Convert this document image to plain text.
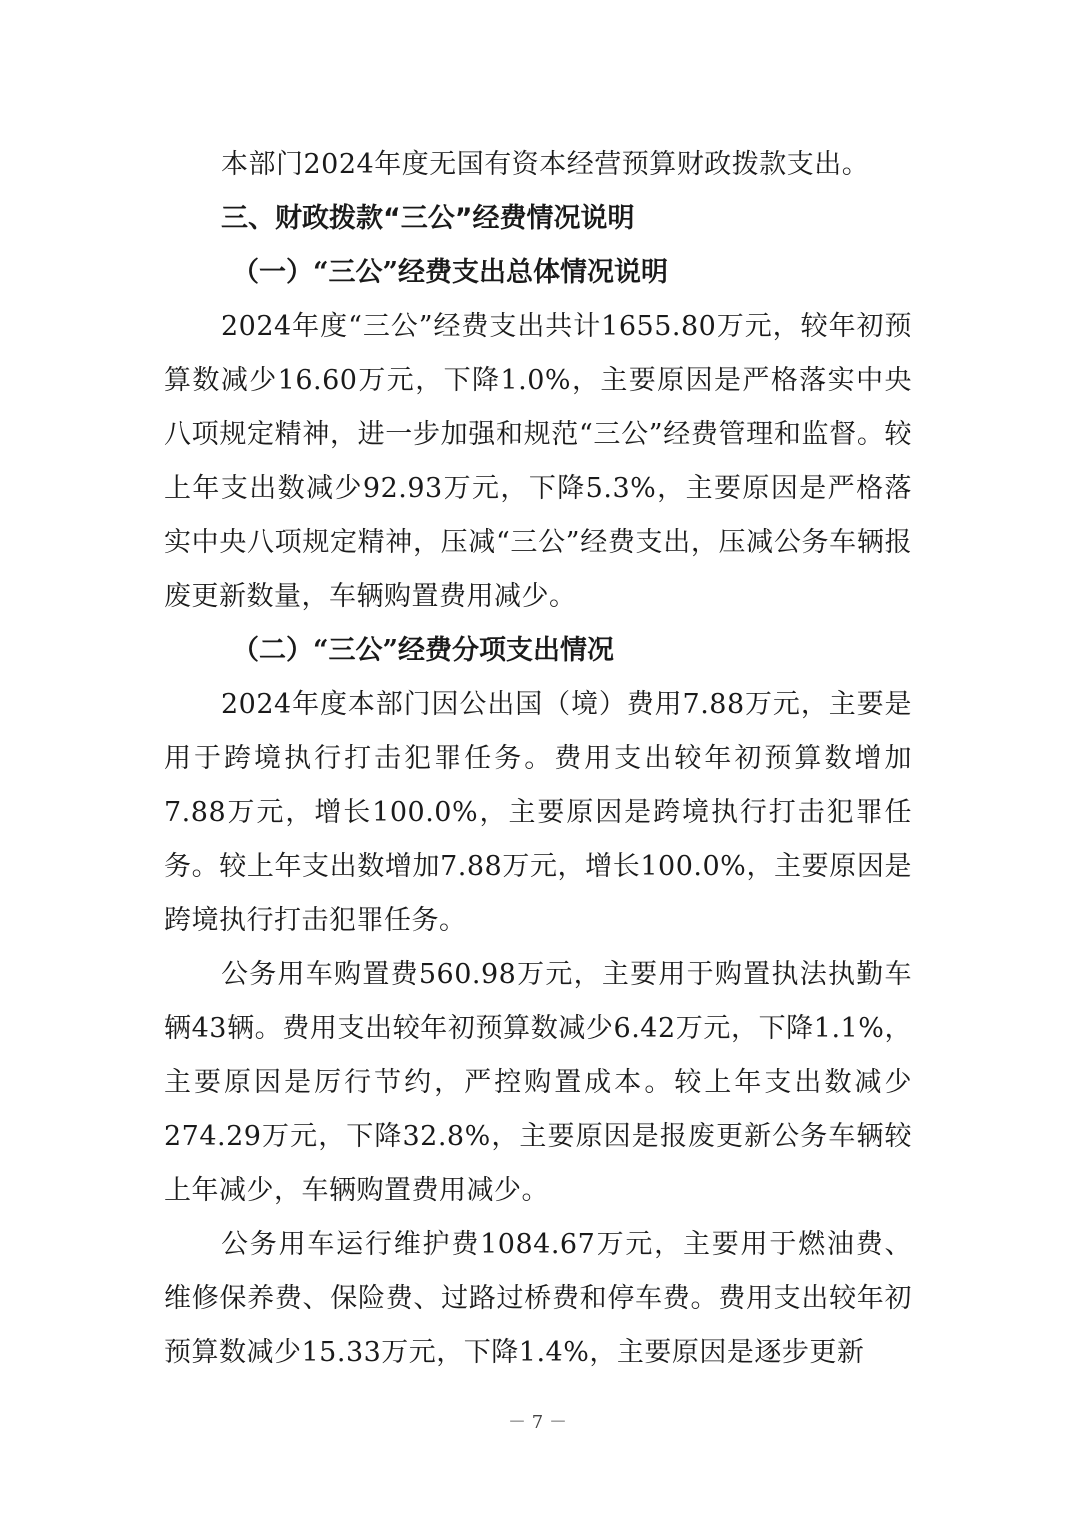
本部门2024年度无国有资本经营预算财政拨款支出。

三、财政拨款“三公”经费情况说明

（一）“三公”经费支出总体情况说明

2024年度“三公”经费支出共计1655.80万元，较年初预算数减少16.60万元，下降1.0%，主要原因是严格落实中央八项规定精神，进一步加强和规范“三公”经费管理和监督。较上年支出数减少92.93万元，下降5.3%，主要原因是严格落实中央八项规定精神，压减“三公”经费支出，压减公务车辆报废更新数量，车辆购置费用减少。

（二）“三公”经费分项支出情况

2024年度本部门因公出国（境）费用7.88万元，主要是用于跨境执行打击犯罪任务。费用支出较年初预算数增加7.88万元，增长100.0%，主要原因是跨境执行打击犯罪任务。较上年支出数增加7.88万元，增长100.0%，主要原因是跨境执行打击犯罪任务。

公务用车购置费560.98万元，主要用于购置执法执勤车辆43辆。费用支出较年初预算数减少6.42万元，下降1.1%，主要原因是厉行节约，严控购置成本。较上年支出数减少274.29万元，下降32.8%，主要原因是报废更新公务车辆较上年减少，车辆购置费用减少。

公务用车运行维护费1084.67万元，主要用于燃油费、维修保养费、保险费、过路过桥费和停车费。费用支出较年初预算数减少15.33万元，下降1.4%，主要原因是逐步更新

－ 7 －
